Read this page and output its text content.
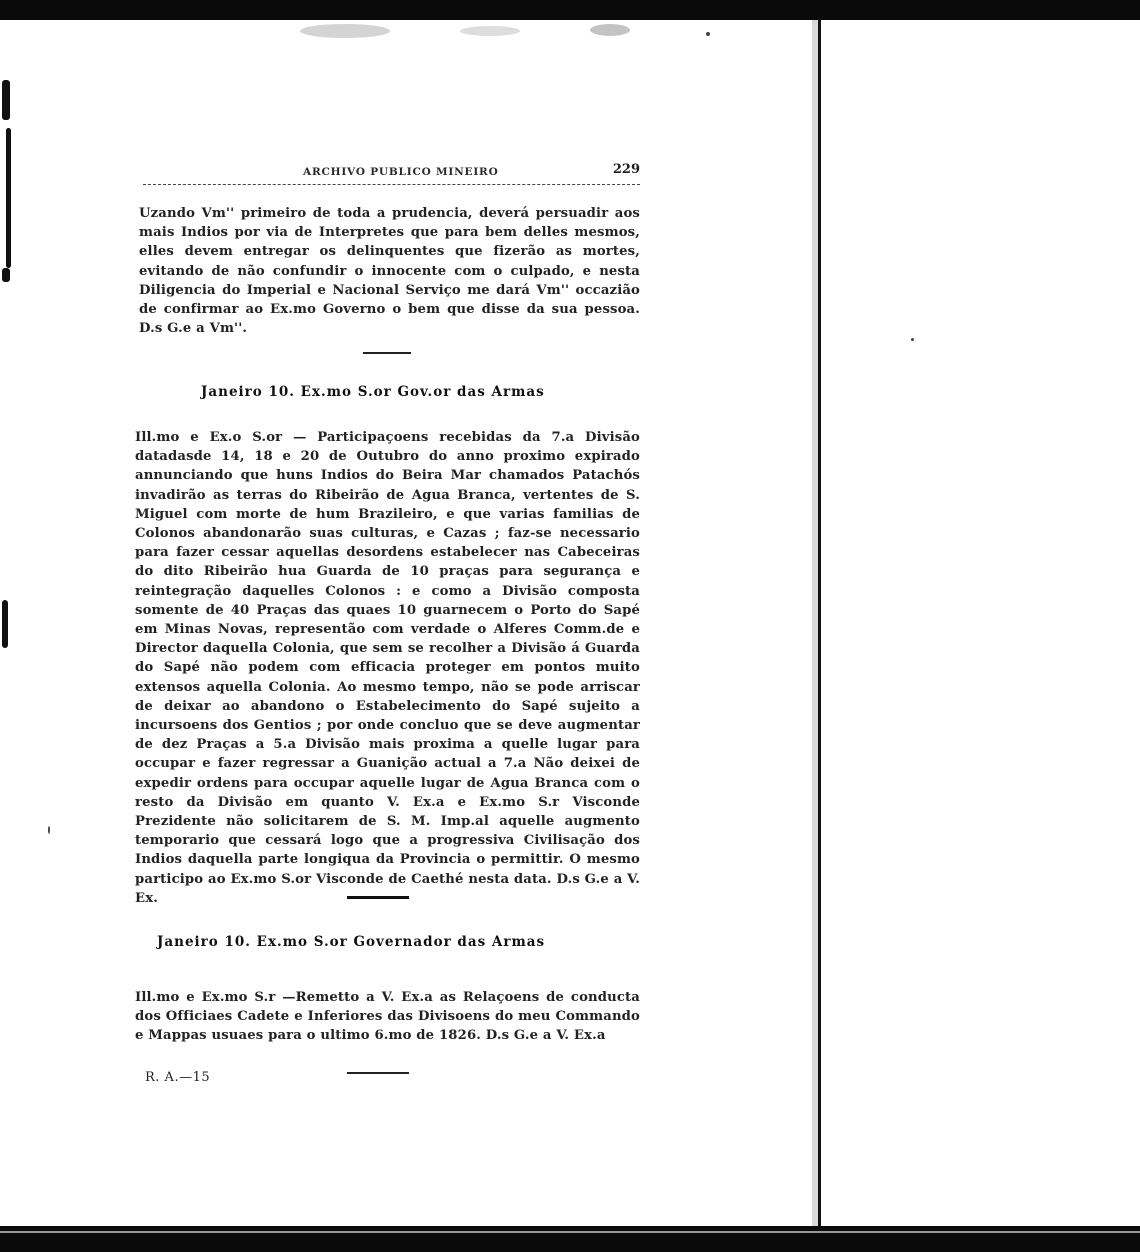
ARCHIVO PUBLICO MINEIRO	229

Uzando Vm'' primeiro de toda a prudencia, deverá persuadir aos mais Indios por via de Interpretes que para bem delles mesmos, elles devem entregar os delinquentes que fizerão as mortes, evitando de não confundir o innocente com o culpado, e nesta Diligencia do Imperial e Nacional Serviço me dará Vm'' occazião de confirmar ao Ex.mo Governo o bem que disse da sua pessoa. D.s G.e a Vm''.

Janeiro 10. Ex.mo S.or Gov.or das Armas

Ill.mo e Ex.o S.or — Participaçoens recebidas da 7.a Divisão datadasde 14, 18 e 20 de Outubro do anno proximo expirado annunciando que huns Indios do Beira Mar chamados Patachós invadirão as terras do Ribeirão de Agua Branca, vertentes de S. Miguel com morte de hum Brazileiro, e que varias familias de Colonos abandonarão suas culturas, e Cazas ; faz-se necessario para fazer cessar aquellas desordens estabelecer nas Cabeceiras do dito Ribeirão hua Guarda de 10 praças para segurança e reintegração daquelles Colonos : e como a Divisão composta somente de 40 Praças das quaes 10 guarnecem o Porto do Sapé em Minas Novas, representão com verdade o Alferes Comm.de e Director daquella Colonia, que sem se recolher a Divisão á Guarda do Sapé não podem com efficacia proteger em pontos muito extensos aquella Colonia. Ao mesmo tempo, não se pode arriscar de deixar ao abandono o Estabelecimento do Sapé sujeito a incursoens dos Gentios ; por onde concluo que se deve augmentar de dez Praças a 5.a Divisão mais proxima a quelle lugar para occupar e fazer regressar a Guanição actual a 7.a Não deixei de expedir ordens para occupar aquelle lugar de Agua Branca com o resto da Divisão em quanto V. Ex.a e Ex.mo S.r Visconde Prezidente não solicitarem de S. M. Imp.al aquelle augmento temporario que cessará logo que a progressiva Civilisação dos Indios daquella parte longiqua da Provincia o permittir. O mesmo participo ao Ex.mo S.or Visconde de Caethé nesta data. D.s G.e a V. Ex.

Janeiro 10. Ex.mo S.or Governador das Armas

Ill.mo e Ex.mo S.r —Remetto a V. Ex.a as Relaçoens de conducta dos Officiaes Cadete e Inferiores das Divisoens do meu Commando e Mappas usuaes para o ultimo 6.mo de 1826. D.s G.e a V. Ex.a

R. A.—15
